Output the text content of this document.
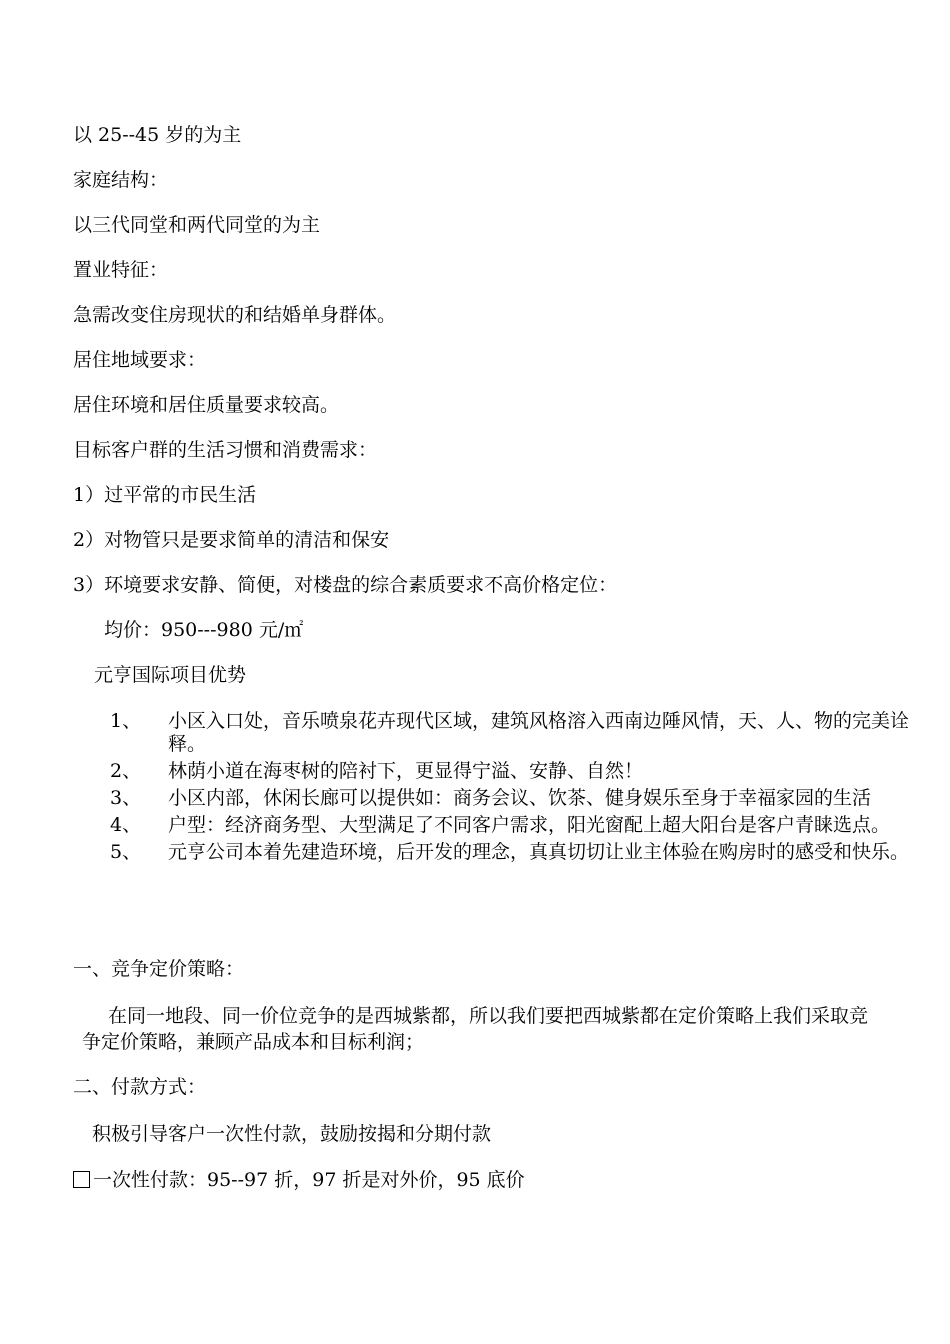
以 25--45 岁的为主
家庭结构：
以三代同堂和两代同堂的为主
置业特征：
急需改变住房现状的和结婚单身群体。
居住地域要求：
居住环境和居住质量要求较高。
目标客户群的生活习惯和消费需求：
1）过平常的市民生活
2）对物管只是要求简单的清洁和保安
3）环境要求安静、简便，对楼盘的综合素质要求不高价格定位：
均价：950---980 元/㎡
元亨国际项目优势
1、	小区入口处，音乐喷泉花卉现代区域，建筑风格溶入西南边陲风情，天、人、物的完美诠释。
2、	林荫小道在海枣树的陪衬下，更显得宁溢、安静、自然！
3、	小区内部，休闲长廊可以提供如：商务会议、饮茶、健身娱乐至身于幸福家园的生活
4、	户型：经济商务型、大型满足了不同客户需求，阳光窗配上超大阳台是客户青睐选点。
5、	元亨公司本着先建造环境，后开发的理念，真真切切让业主体验在购房时的感受和快乐。
一、竞争定价策略：
在同一地段、同一价位竞争的是西城紫都，所以我们要把西城紫都在定价策略上我们采取竞争定价策略，兼顾产品成本和目标利润；
二、付款方式：
积极引导客户一次性付款，鼓励按揭和分期付款
一次性付款：95--97 折，97 折是对外价，95 底价
